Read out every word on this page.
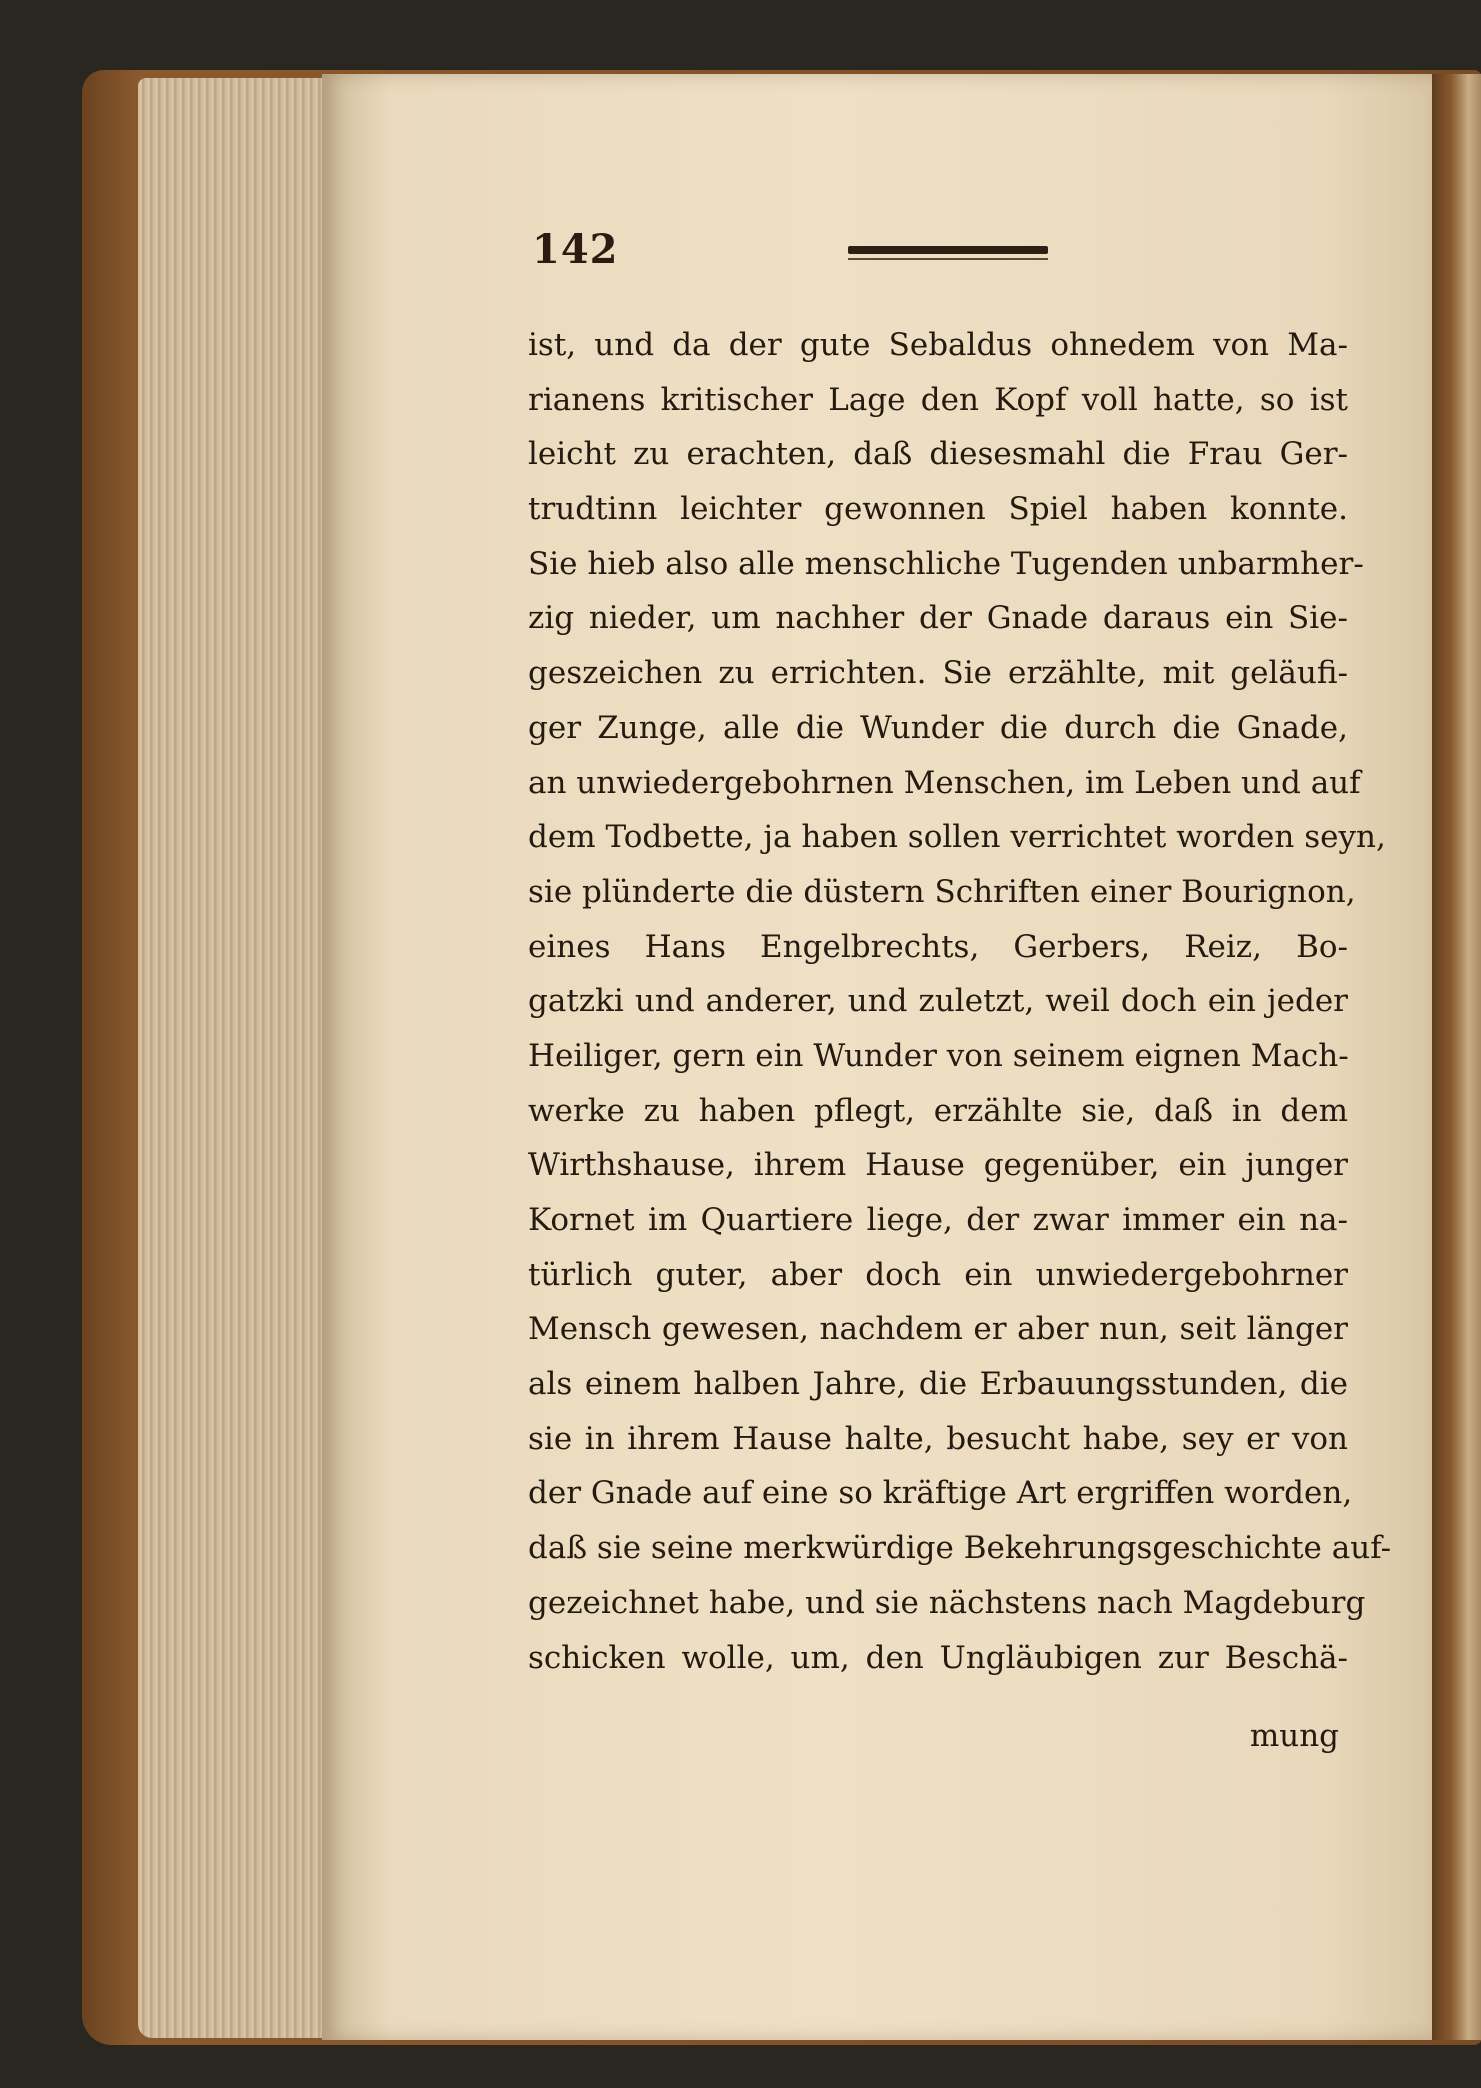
142

ist, und da der gute Sebaldus ohnedem von Ma-
rianens kritischer Lage den Kopf voll hatte, so ist
leicht zu erachten, daß diesesmahl die Frau Ger-
trudtinn leichter gewonnen Spiel haben konnte.
Sie hieb also alle menschliche Tugenden unbarmher-
zig nieder, um nachher der Gnade daraus ein Sie-
geszeichen zu errichten. Sie erzählte, mit geläufi-
ger Zunge, alle die Wunder die durch die Gnade,
an unwiedergebohrnen Menschen, im Leben und auf
dem Todbette, ja haben sollen verrichtet worden seyn,
sie plünderte die düstern Schriften einer Bourignon,
eines Hans Engelbrechts, Gerbers, Reiz, Bo-
gatzki und anderer, und zuletzt, weil doch ein jeder
Heiliger, gern ein Wunder von seinem eignen Mach-
werke zu haben pflegt, erzählte sie, daß in dem
Wirthshause, ihrem Hause gegenüber, ein junger
Kornet im Quartiere liege, der zwar immer ein na-
türlich guter, aber doch ein unwiedergebohrner
Mensch gewesen, nachdem er aber nun, seit länger
als einem halben Jahre, die Erbauungsstunden, die
sie in ihrem Hause halte, besucht habe, sey er von
der Gnade auf eine so kräftige Art ergriffen worden,
daß sie seine merkwürdige Bekehrungsgeschichte auf-
gezeichnet habe, und sie nächstens nach Magdeburg
schicken wolle, um, den Ungläubigen zur Beschä-

mung
